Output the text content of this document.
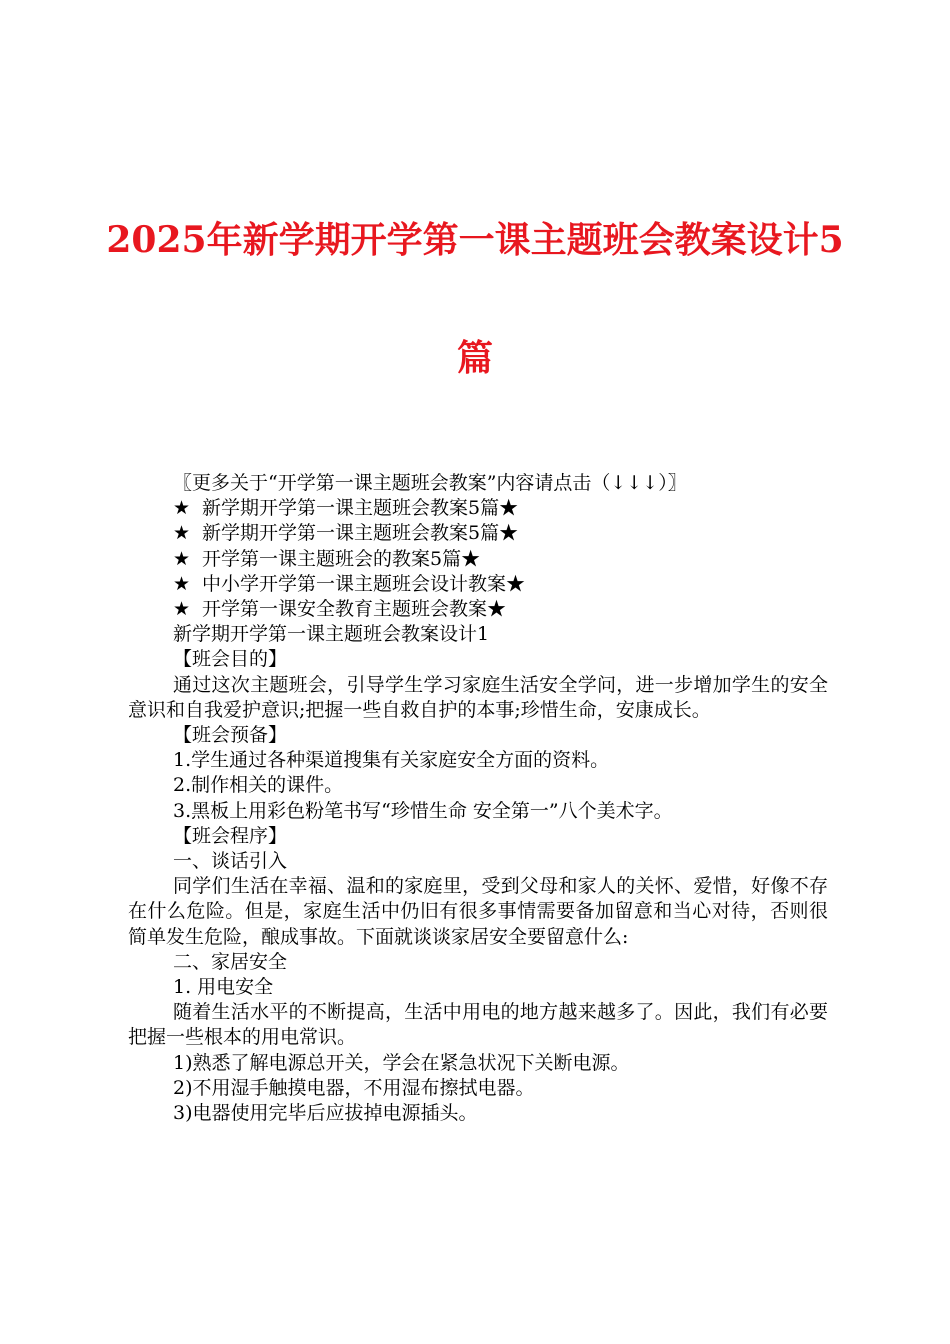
2025年新学期开学第一课主题班会教案设计5
篇

〖更多关于“开学第一课主题班会教案”内容请点击（↓↓↓）〗

★ 新学期开学第一课主题班会教案5篇★

★ 新学期开学第一课主题班会教案5篇★

★ 开学第一课主题班会的教案5篇★

★ 中小学开学第一课主题班会设计教案★

★ 开学第一课安全教育主题班会教案★

新学期开学第一课主题班会教案设计1

【班会目的】

通过这次主题班会，引导学生学习家庭生活安全学问，进一步增加学生的安全意识和自我爱护意识;把握一些自救自护的本事;珍惜生命，安康成长。

【班会预备】

1.学生通过各种渠道搜集有关家庭安全方面的资料。

2.制作相关的课件。

3.黑板上用彩色粉笔书写“珍惜生命 安全第一”八个美术字。

【班会程序】

一、谈话引入

同学们生活在幸福、温和的家庭里，受到父母和家人的关怀、爱惜，好像不存在什么危险。但是，家庭生活中仍旧有很多事情需要备加留意和当心对待，否则很简单发生危险，酿成事故。下面就谈谈家居安全要留意什么:

二、家居安全

1. 用电安全

随着生活水平的不断提高，生活中用电的地方越来越多了。因此，我们有必要把握一些根本的用电常识。

1)熟悉了解电源总开关，学会在紧急状况下关断电源。

2)不用湿手触摸电器，不用湿布擦拭电器。

3)电器使用完毕后应拔掉电源插头。
